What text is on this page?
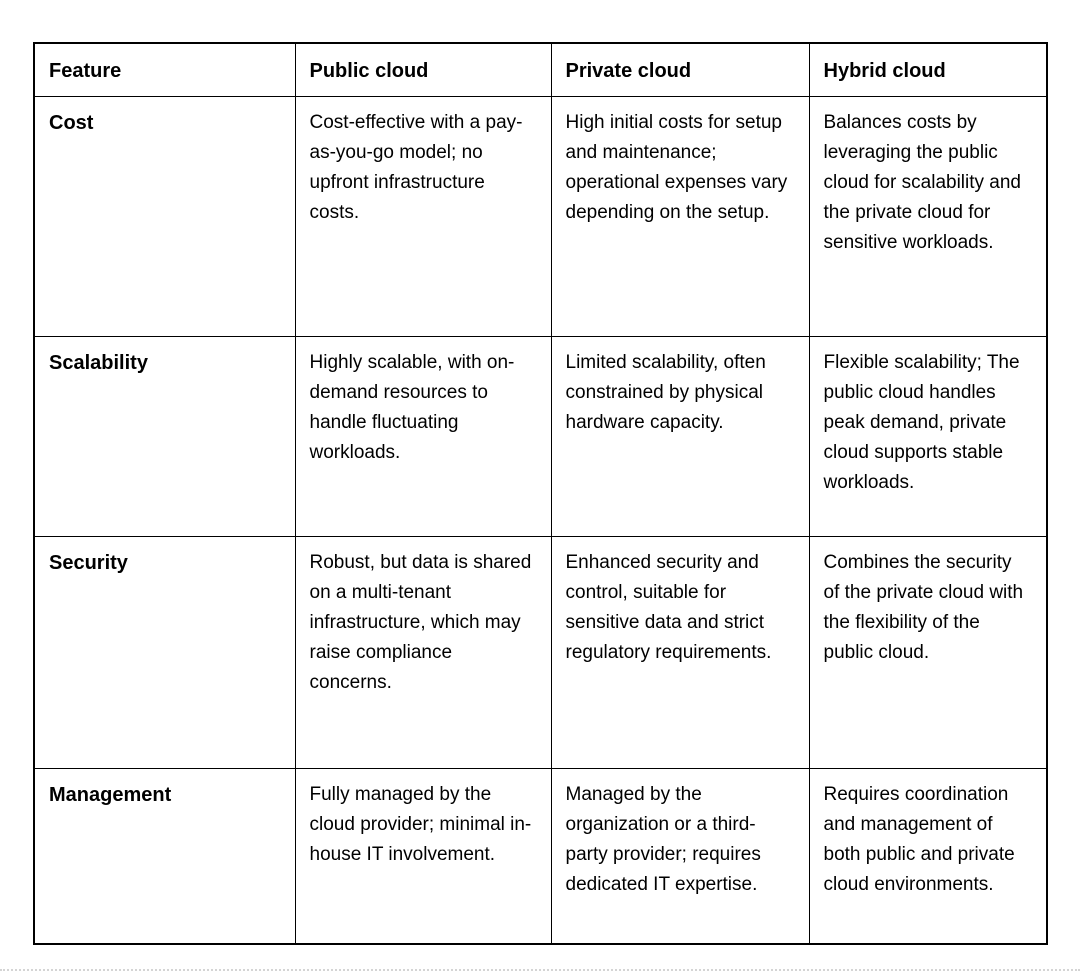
Feature	Public cloud	Private cloud	Hybrid cloud
Cost	Cost-effective with a pay-as-you-go model; no upfront infrastructure costs.	High initial costs for setup and maintenance; operational expenses vary depending on the setup.	Balances costs by leveraging the public cloud for scalability and the private cloud for sensitive workloads.
Scalability	Highly scalable, with on-demand resources to handle fluctuating workloads.	Limited scalability, often constrained by physical hardware capacity.	Flexible scalability; The public cloud handles peak demand, private cloud supports stable workloads.
Security	Robust, but data is shared on a multi-tenant infrastructure, which may raise compliance concerns.	Enhanced security and control, suitable for sensitive data and strict regulatory requirements.	Combines the security of the private cloud with the flexibility of the public cloud.
Management	Fully managed by the cloud provider; minimal in-house IT involvement.	Managed by the organization or a third-party provider; requires dedicated IT expertise.	Requires coordination and management of both public and private cloud environments.
